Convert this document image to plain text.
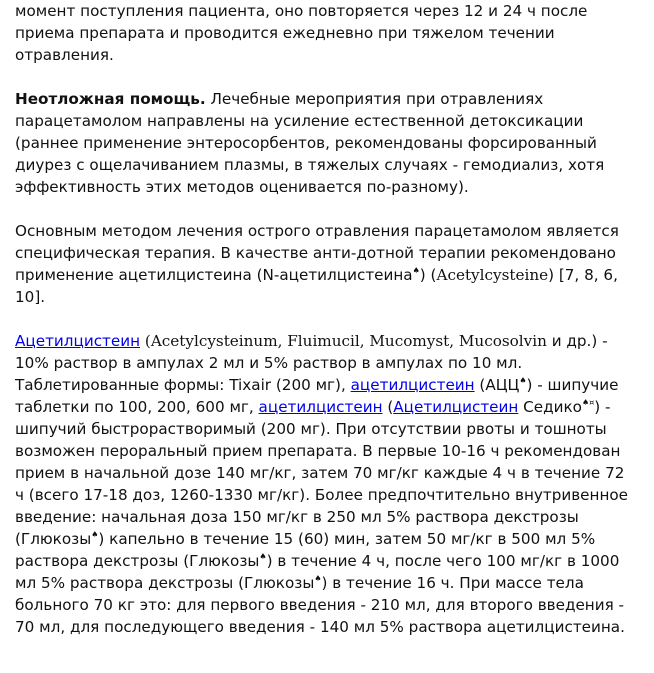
момент поступления пациента, оно повторяется через 12 и 24 ч после приема препарата и проводится ежедневно при тяжелом течении отравления.

Неотложная помощь. Лечебные мероприятия при отравлениях парацетамолом направлены на усиление естественной детоксикации (раннее применение энтеросорбентов, рекомендованы форсированный диурез с ощелачиванием плазмы, в тяжелых случаях - гемодиализ, хотя эффективность этих методов оценивается по-разному).

Основным методом лечения острого отравления парацетамолом является специфическая терапия. В качестве анти-дотной терапии рекомендовано применение ацетилцистеина (N-ацетилцистеина♠) (Acetylcysteine) [7, 8, 6, 10].

Ацетилцистеин (Acetylcysteinum, Fluimucil, Mucomyst, Mucosolvin и др.) - 10% раствор в ампулах 2 мл и 5% раствор в ампулах по 10 мл. Таблетированные формы: Tixair (200 мг), ацетилцистеин (АЦЦ♠) - шипучие таблетки по 100, 200, 600 мг, ацетилцистеин (Ацетилцистеин Седико♠¤) - шипучий быстрорастворимый (200 мг). При отсутствии рвоты и тошноты возможен пероральный прием препарата. В первые 10-16 ч рекомендован прием в начальной дозе 140 мг/кг, затем 70 мг/кг каждые 4 ч в течение 72 ч (всего 17-18 доз, 1260-1330 мг/кг). Более предпочтительно внутривенное введение: начальная доза 150 мг/кг в 250 мл 5% раствора декстрозы (Глюкозы♠) капельно в течение 15 (60) мин, затем 50 мг/кг в 500 мл 5% раствора декстрозы (Глюкозы♠) в течение 4 ч, после чего 100 мг/кг в 1000 мл 5% раствора декстрозы (Глюкозы♠) в течение 16 ч. При массе тела больного 70 кг это: для первого введения - 210 мл, для второго введения - 70 мл, для последующего введения - 140 мл 5% раствора ацетилцистеина.
